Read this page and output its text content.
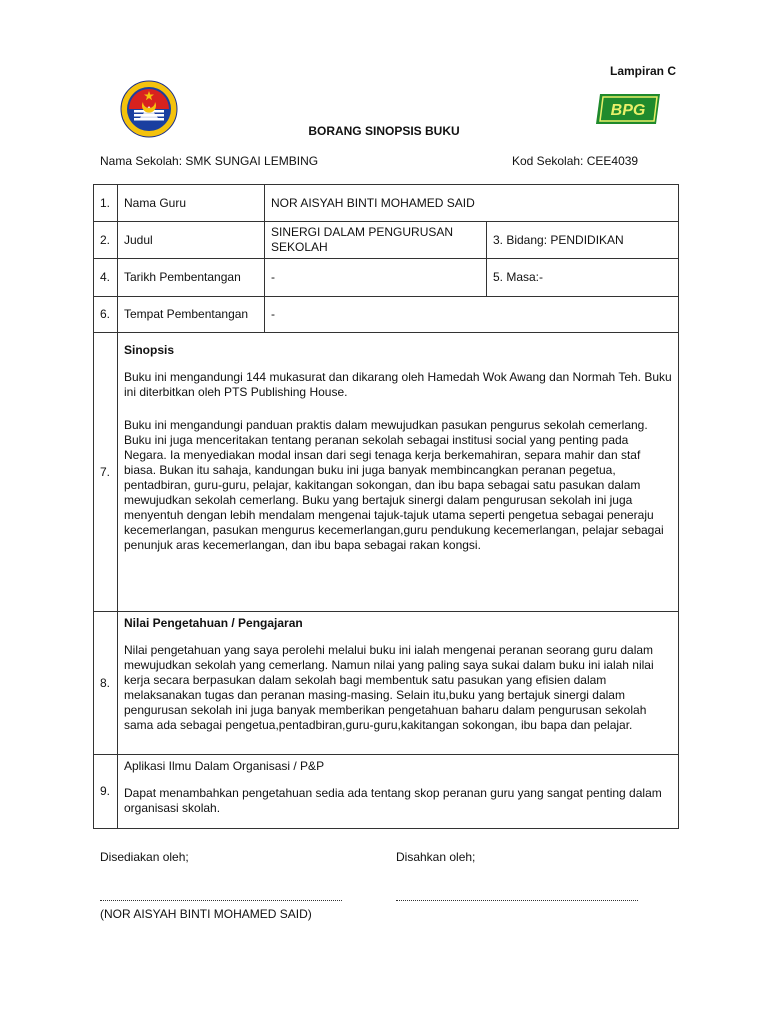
Lampiran C
BPG
BORANG SINOPSIS BUKU
Nama Sekolah: SMK SUNGAI LEMBING	Kod Sekolah: CEE4039
1.	Nama Guru	NOR AISYAH BINTI MOHAMED SAID	
2.	Judul	SINERGI DALAM PENGURUSAN SEKOLAH	3. Bidang: PENDIDIKAN
4.	Tarikh Pembentangan	-	5. Masa:-
6.	Tempat Pembentangan	-	
7.	Sinopsis
Buku ini mengandungi 144 mukasurat dan dikarang oleh Hamedah Wok Awang dan Normah Teh. Buku ini diterbitkan oleh PTS Publishing House.
Buku ini mengandungi panduan praktis dalam mewujudkan pasukan pengurus sekolah cemerlang. Buku ini juga menceritakan tentang peranan sekolah sebagai institusi social yang penting pada Negara. Ia menyediakan modal insan dari segi tenaga kerja berkemahiran, separa mahir dan staf biasa. Bukan itu sahaja, kandungan buku ini juga banyak membincangkan peranan pegetua, pentadbiran, guru-guru, pelajar, kakitangan sokongan, dan ibu bapa sebagai satu pasukan dalam mewujudkan sekolah cemerlang. Buku yang bertajuk sinergi dalam pengurusan sekolah ini juga menyentuh dengan lebih mendalam mengenai tajuk-tajuk utama seperti pengetua sebagai peneraju kecemerlangan, pasukan mengurus kecemerlangan,guru pendukung kecemerlangan, pelajar sebagai penunjuk aras kecemerlangan, dan ibu bapa sebagai rakan kongsi.		

8.	Nilai Pengetahuan / Pengajaran
Nilai pengetahuan yang saya perolehi melalui buku ini ialah mengenai peranan seorang guru dalam mewujudkan sekolah yang cemerlang. Namun nilai yang paling saya sukai dalam buku ini ialah nilai kerja secara berpasukan dalam sekolah bagi membentuk satu pasukan yang efisien dalam melaksanakan tugas dan peranan masing-masing. Selain itu,buku yang bertajuk sinergi dalam pengurusan sekolah ini juga banyak memberikan pengetahuan baharu dalam pengurusan sekolah sama ada sebagai pengetua,pentadbiran,guru-guru,kakitangan sokongan, ibu bapa dan pelajar.		

9.	Aplikasi Ilmu Dalam Organisasi / P&P
Dapat menambahkan pengetahuan sedia ada tentang skop peranan guru yang sangat penting dalam organisasi skolah.		
Disediakan oleh;	Disahkan oleh;
(NOR AISYAH BINTI MOHAMED SAID)
